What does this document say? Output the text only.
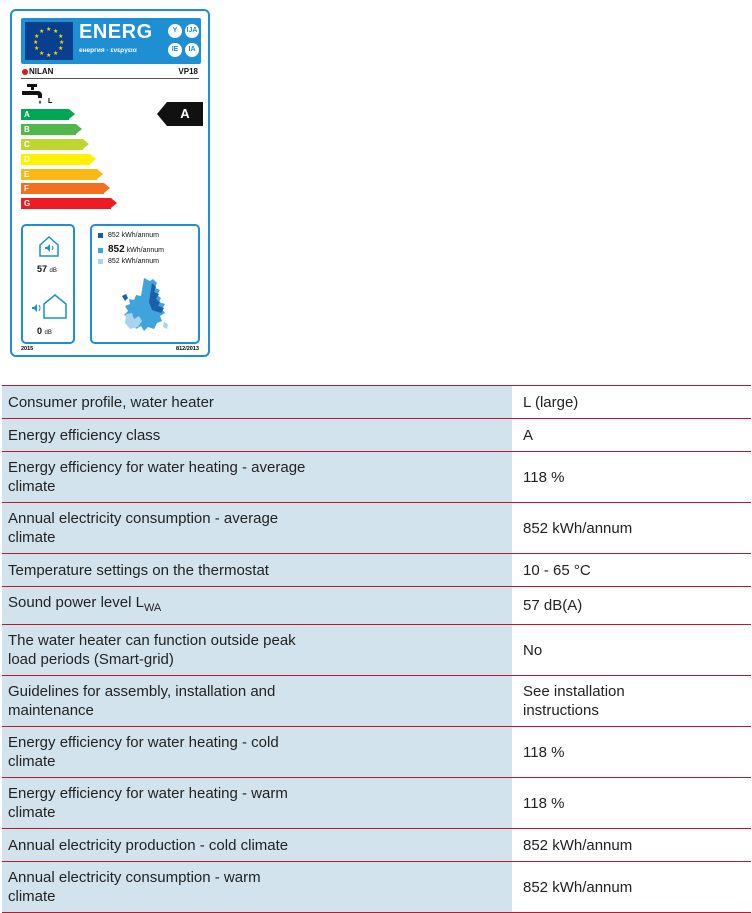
★ ★
★
★
★
★
★
★
★
★
★
★ ENERG
енергия · ενεργεια
Y	IJA
IE	IA
NILAN	VP18
L
A
B
C
D
E
F
G
A
57 dB
0 dB
852 kWh/annum
852 kWh/annum
852 kWh/annum
2015	812/2013
Consumer profile, water heater		L (large)
Energy efficiency class		A

Energy efficiency for water heating - average climate		118 %

Annual electricity consumption - average climate		852 kWh/annum
Temperature settings on the thermostat		10 - 65 °C
Sound power level $L_{WA}$		57 dB(A)

The water heater can function outside peak load periods (Smart-grid)		No

Guidelines for assembly, installation and maintenance		See installation instructions

Energy efficiency for water heating - cold climate		118 %

Energy efficiency for water heating - warm climate		118 %
Annual electricity production - cold climate		852 kWh/annum

Annual electricity consumption - warm climate		852 kWh/annum
